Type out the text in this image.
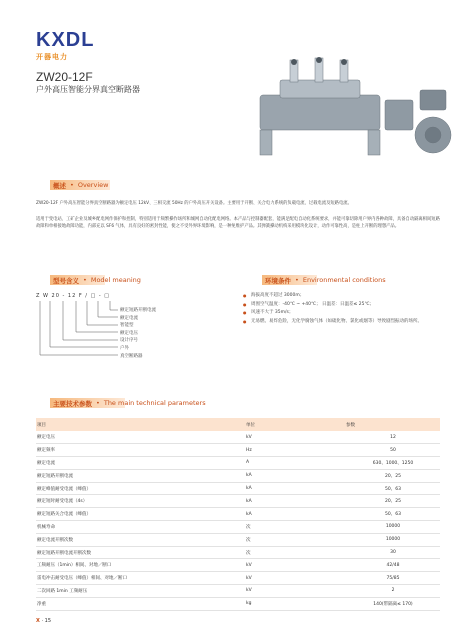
KXDL
开器电力
ZW20-12F
户外高压智能分界真空断路器
概述 • Overview
ZW20-12F 户外高压智能分界真空断路器为额定电压 12kV、三相交流 50Hz 的户外高压开关设备。主要用于开断、关合电力系统的负载电流、过载电流及短路电流。
适用于变电站、工矿企业及城乡配电网作保护和控制，特别适用于频繁操作场所和城网自动化配电网络。本产品与控制器配套，能满足配电自动化系统要求，并能可靠切除用户界内各种故障，具备自动隔离相间短路故障和单相接地故障功能，内部充以 SF6 气体，具有良好的密封性能，使之不受外界环境影响，是一种免维护产品。其弹簧操动机构采用模块化设计，动作可靠性高，是柱上开断的理想产品。
型号含义 • Model meaning	环境条件 • Environmental conditions
Z W 20 - 12 F / □ - □
额定短路开断电流
额定电流
智能型
额定电压
设计序号
户外
真空断路器
● 海拔高度不超过 3000m；
● 周围空气温度：-40℃ ~ +40℃； 日温差：日温差≤ 25℃；
● 风速不大于 35m/s；
● 无易燃、易炸危险，无化学腐蚀气体（如硫化物、氯化或烟等）导致剧烈振动的场所。
主要技术参数 • The main technical parameters
项目	单位	参数
额定电压	kV	12
额定频率	Hz	50
额定电流	A	630、1000、1250
额定短路开断电流	kA	20、25
额定峰值耐受电流（峰值）	kA	50、63
额定短时耐受电流（4s）	kA	20、25
额定短路关合电流（峰值）	kA	50、63
机械寿命	次	10000
额定电流开断次数	次	10000
额定短路开断电流开断次数	次	30
工频耐压（1min）相间、对地／断口	kV	42/48
雷电冲击耐受电压（峰值）相间、对地／断口	kV	75/85
二次回路 1min 工频耐压	kV	2
净重	kg	140(带隔离≤ 170)
X · 15
